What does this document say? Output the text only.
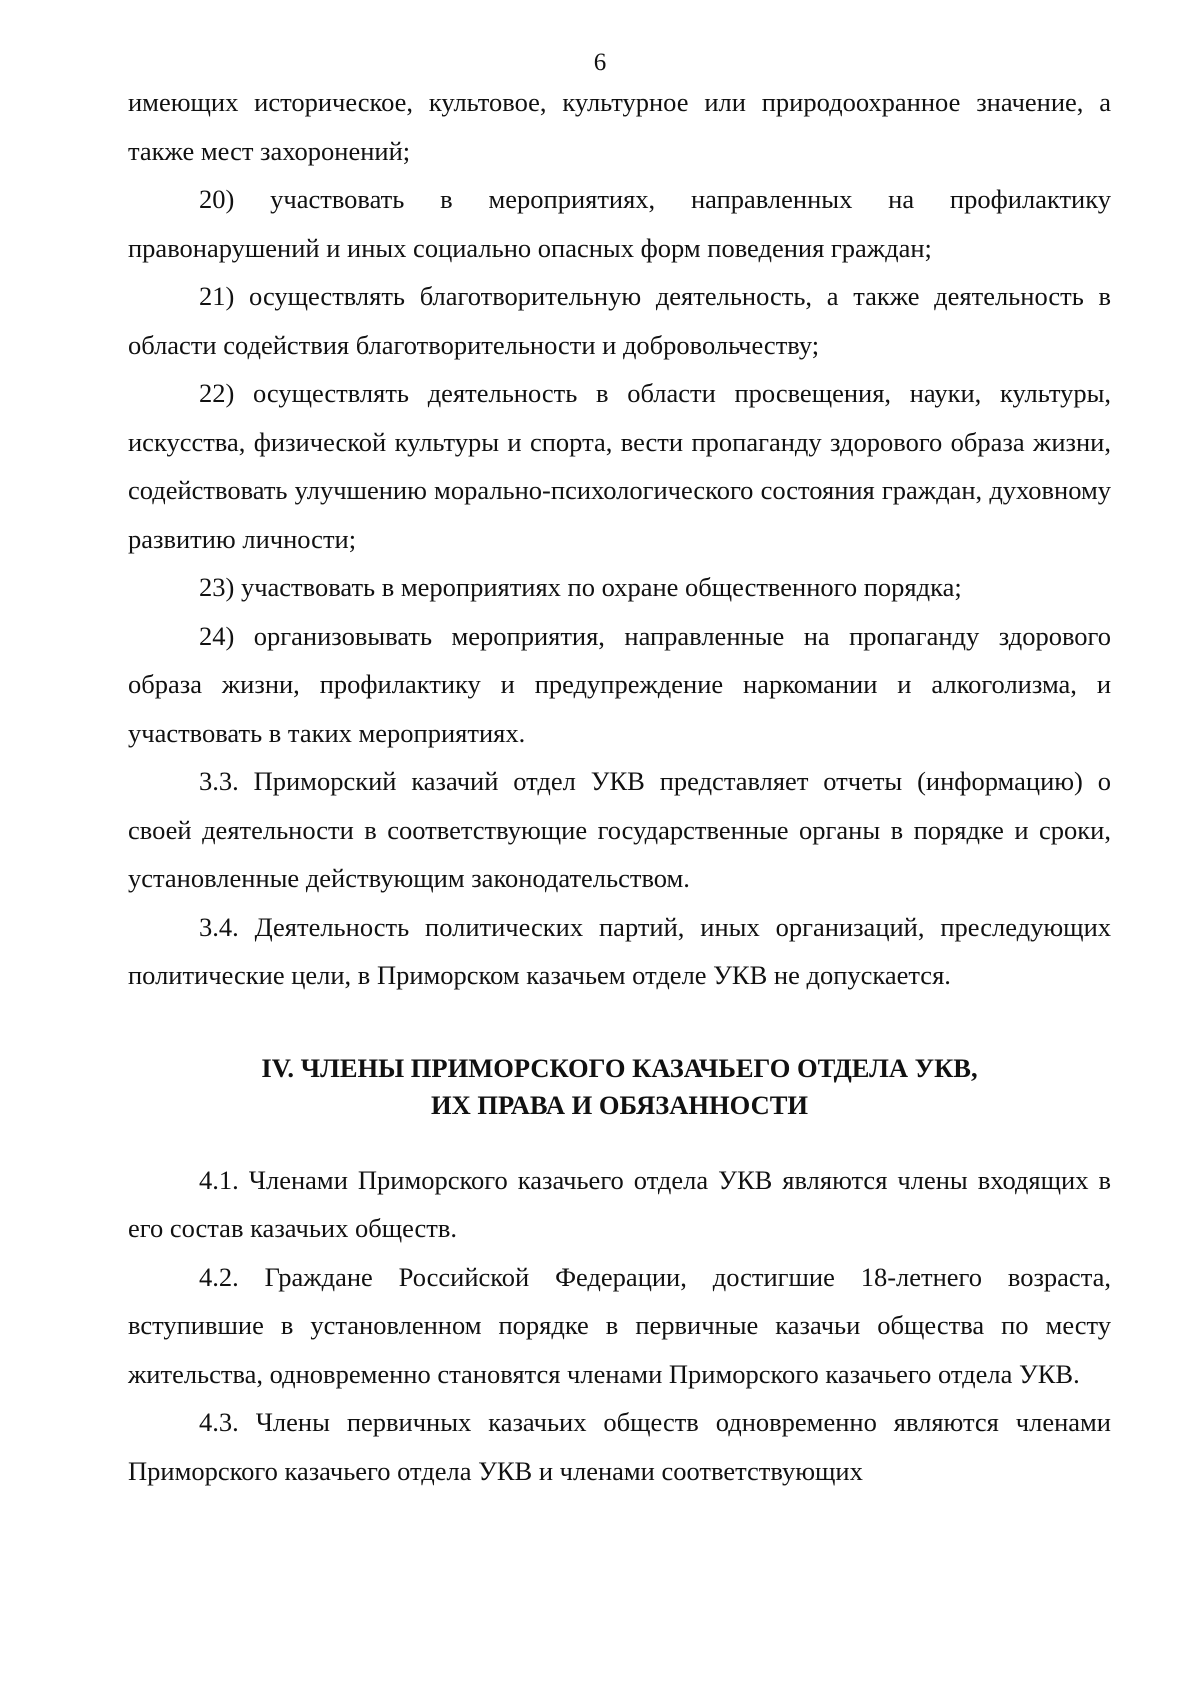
6

имеющих историческое, культовое, культурное или природоохранное значение, а также мест захоронений;

20) участвовать в мероприятиях, направленных на профилактику правонарушений и иных социально опасных форм поведения граждан;

21) осуществлять благотворительную деятельность, а также деятельность в области содействия благотворительности и добровольчеству;

22) осуществлять деятельность в области просвещения, науки, культуры, искусства, физической культуры и спорта, вести пропаганду здорового образа жизни, содействовать улучшению морально-психологического состояния граждан, духовному развитию личности;

23) участвовать в мероприятиях по охране общественного порядка;

24) организовывать мероприятия, направленные на пропаганду здорового образа жизни, профилактику и предупреждение наркомании и алкоголизма, и участвовать в таких мероприятиях.

3.3. Приморский казачий отдел УКВ представляет отчеты (информацию) о своей деятельности в соответствующие государственные органы в порядке и сроки, установленные действующим законодательством.

3.4. Деятельность политических партий, иных организаций, преследующих политические цели, в Приморском казачьем отделе УКВ не допускается.

IV. ЧЛЕНЫ ПРИМОРСКОГО КАЗАЧЬЕГО ОТДЕЛА УКВ,
ИХ ПРАВА И ОБЯЗАННОСТИ

4.1. Членами Приморского казачьего отдела УКВ являются члены входящих в его состав казачьих обществ.

4.2. Граждане Российской Федерации, достигшие 18-летнего возраста, вступившие в установленном порядке в первичные казачьи общества по месту жительства, одновременно становятся членами Приморского казачьего отдела УКВ.

4.3. Члены первичных казачьих обществ одновременно являются членами Приморского казачьего отдела УКВ и членами соответствующих
